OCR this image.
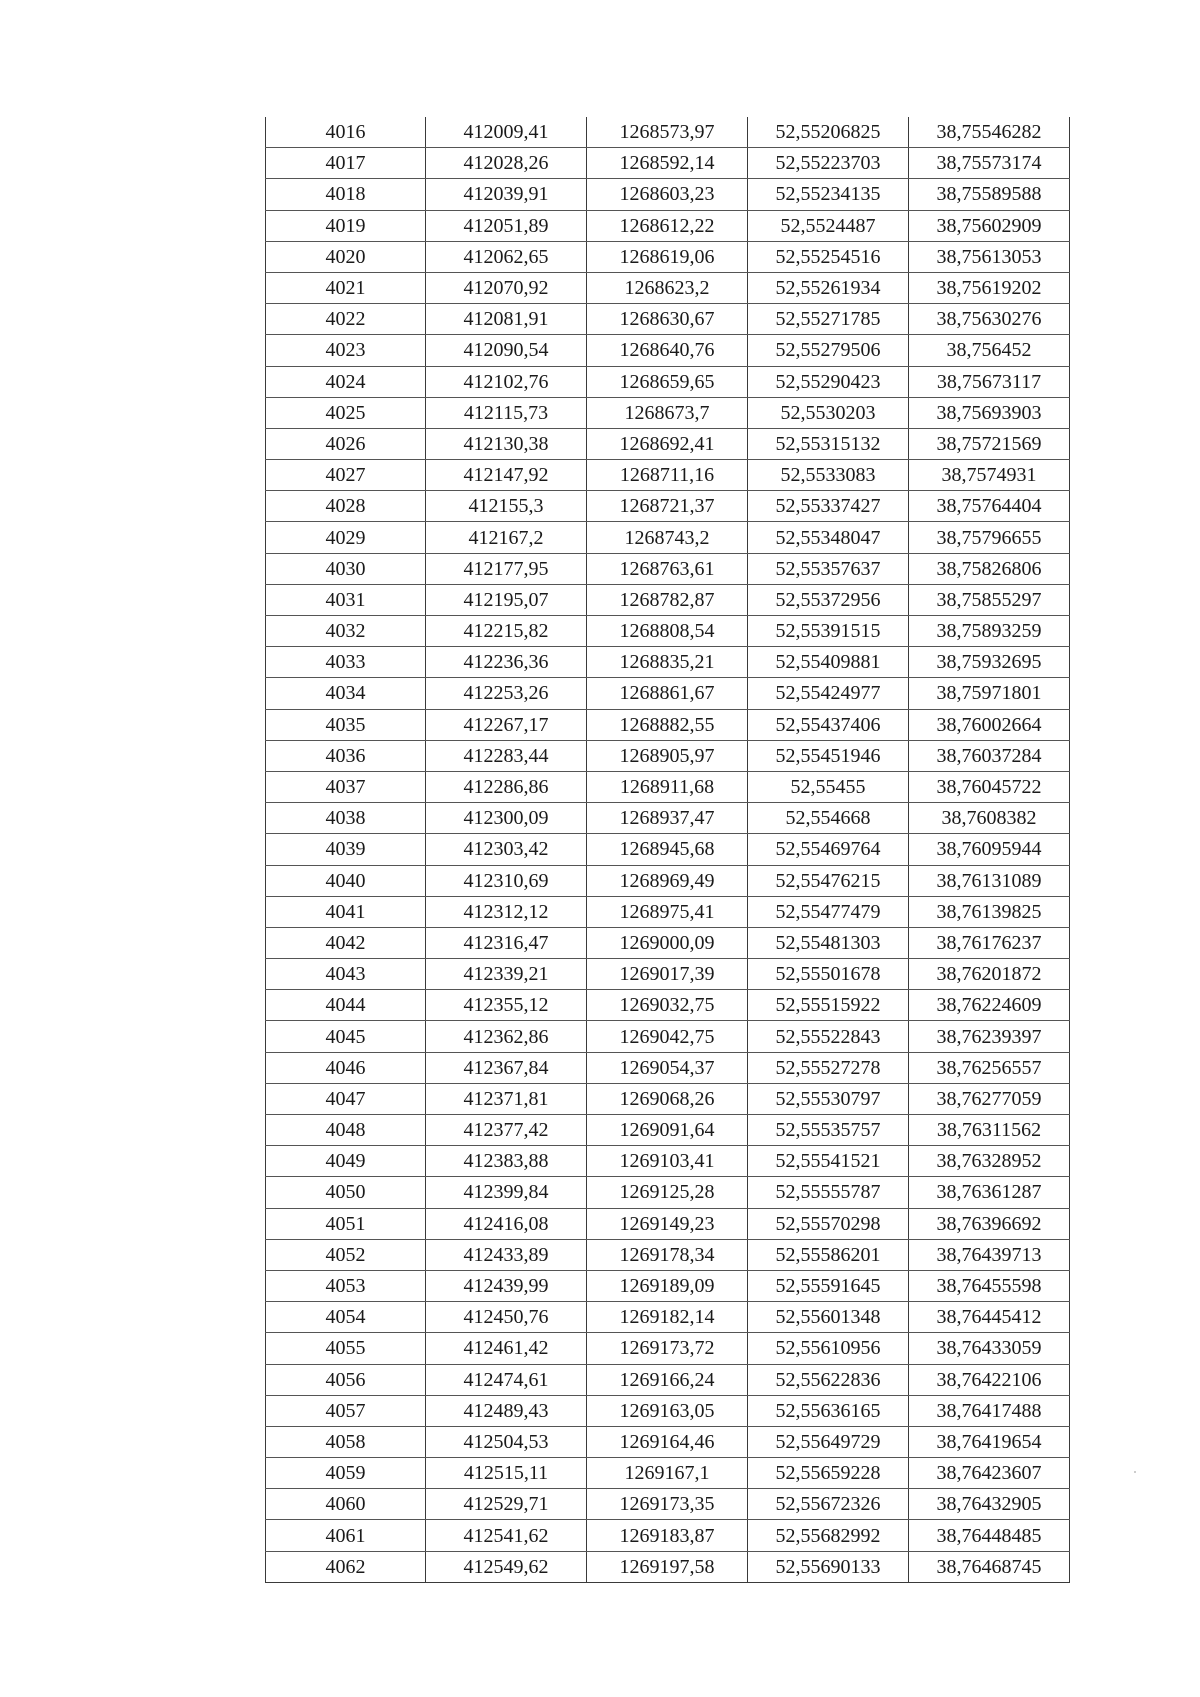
4016	412009,41	1268573,97	52,55206825	38,75546282
4017	412028,26	1268592,14	52,55223703	38,75573174
4018	412039,91	1268603,23	52,55234135	38,75589588
4019	412051,89	1268612,22	52,5524487	38,75602909
4020	412062,65	1268619,06	52,55254516	38,75613053
4021	412070,92	1268623,2	52,55261934	38,75619202
4022	412081,91	1268630,67	52,55271785	38,75630276
4023	412090,54	1268640,76	52,55279506	38,756452
4024	412102,76	1268659,65	52,55290423	38,75673117
4025	412115,73	1268673,7	52,5530203	38,75693903
4026	412130,38	1268692,41	52,55315132	38,75721569
4027	412147,92	1268711,16	52,5533083	38,7574931
4028	412155,3	1268721,37	52,55337427	38,75764404
4029	412167,2	1268743,2	52,55348047	38,75796655
4030	412177,95	1268763,61	52,55357637	38,75826806
4031	412195,07	1268782,87	52,55372956	38,75855297
4032	412215,82	1268808,54	52,55391515	38,75893259
4033	412236,36	1268835,21	52,55409881	38,75932695
4034	412253,26	1268861,67	52,55424977	38,75971801
4035	412267,17	1268882,55	52,55437406	38,76002664
4036	412283,44	1268905,97	52,55451946	38,76037284
4037	412286,86	1268911,68	52,55455	38,76045722
4038	412300,09	1268937,47	52,554668	38,7608382
4039	412303,42	1268945,68	52,55469764	38,76095944
4040	412310,69	1268969,49	52,55476215	38,76131089
4041	412312,12	1268975,41	52,55477479	38,76139825
4042	412316,47	1269000,09	52,55481303	38,76176237
4043	412339,21	1269017,39	52,55501678	38,76201872
4044	412355,12	1269032,75	52,55515922	38,76224609
4045	412362,86	1269042,75	52,55522843	38,76239397
4046	412367,84	1269054,37	52,55527278	38,76256557
4047	412371,81	1269068,26	52,55530797	38,76277059
4048	412377,42	1269091,64	52,55535757	38,76311562
4049	412383,88	1269103,41	52,55541521	38,76328952
4050	412399,84	1269125,28	52,55555787	38,76361287
4051	412416,08	1269149,23	52,55570298	38,76396692
4052	412433,89	1269178,34	52,55586201	38,76439713
4053	412439,99	1269189,09	52,55591645	38,76455598
4054	412450,76	1269182,14	52,55601348	38,76445412
4055	412461,42	1269173,72	52,55610956	38,76433059
4056	412474,61	1269166,24	52,55622836	38,76422106
4057	412489,43	1269163,05	52,55636165	38,76417488
4058	412504,53	1269164,46	52,55649729	38,76419654
4059	412515,11	1269167,1	52,55659228	38,76423607
4060	412529,71	1269173,35	52,55672326	38,76432905
4061	412541,62	1269183,87	52,55682992	38,76448485
4062	412549,62	1269197,58	52,55690133	38,76468745
